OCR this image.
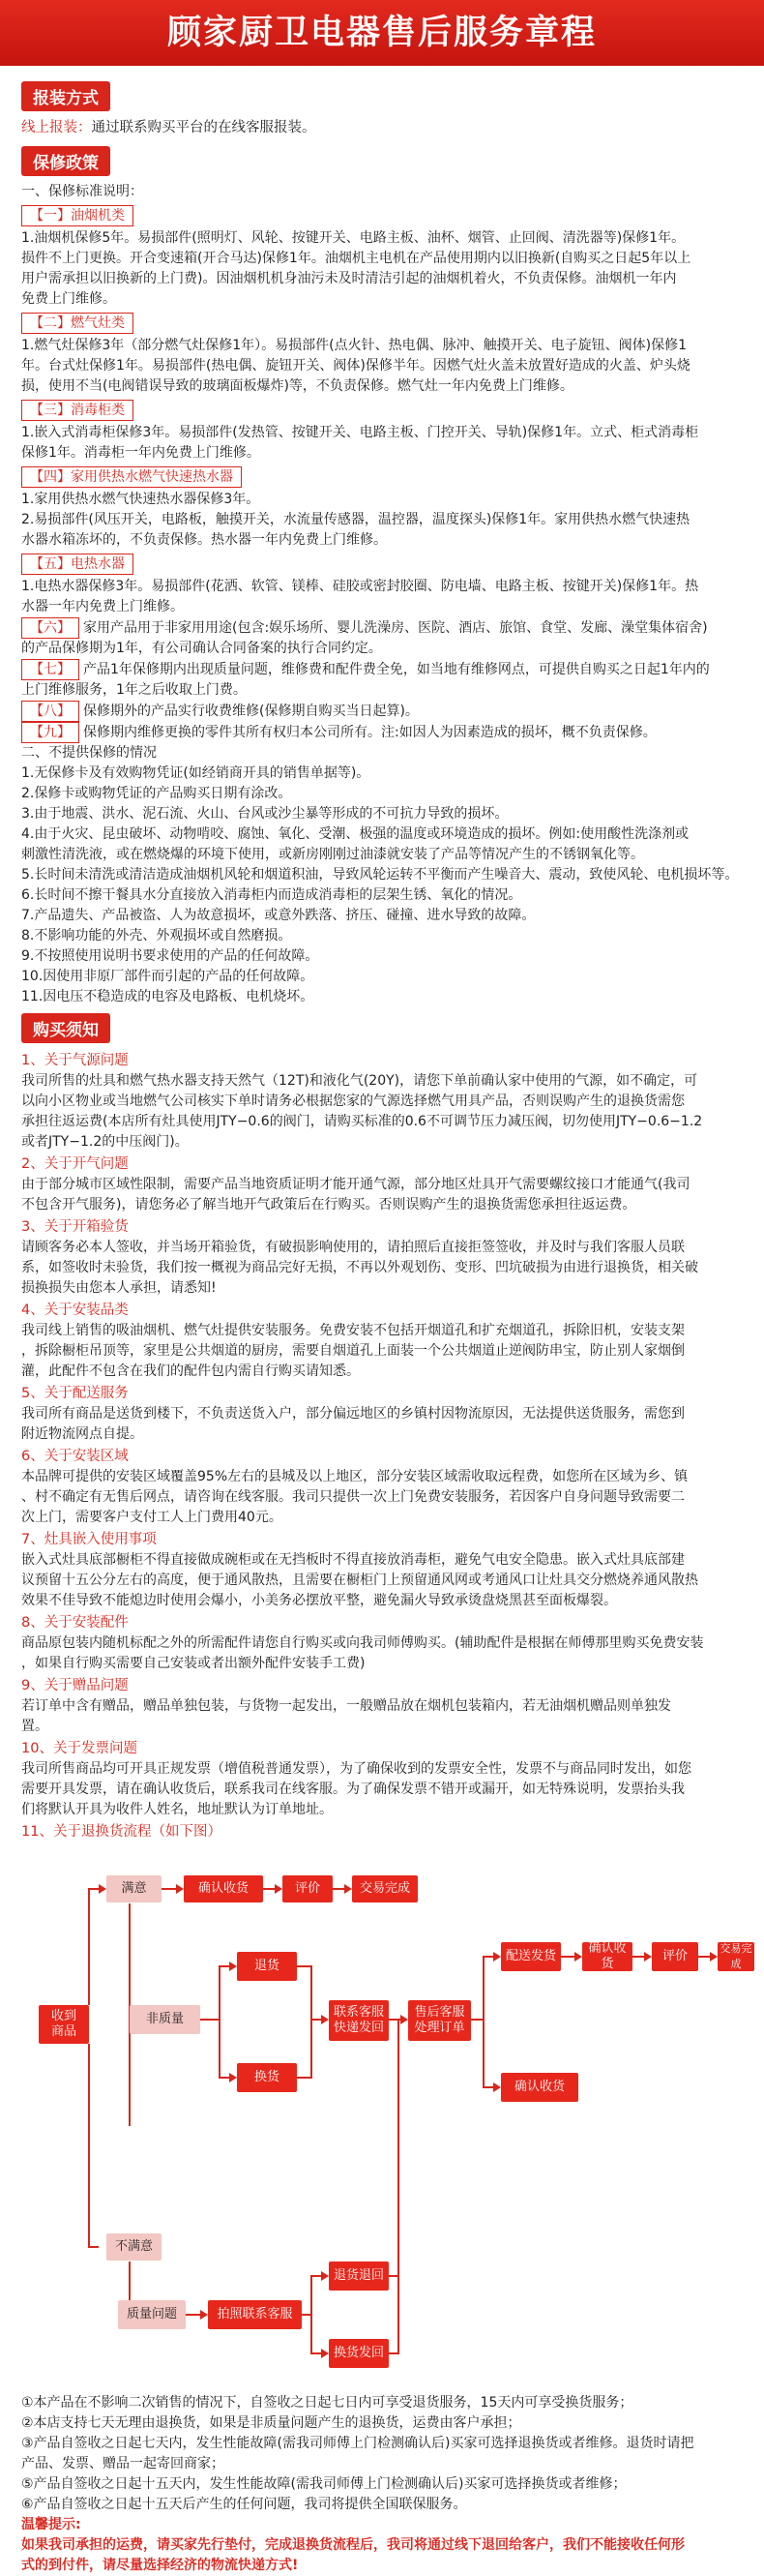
顾家厨卫电器售后服务章程
报装方式
线上报装：通过联系购买平台的在线客服报装。
保修政策
一、保修标准说明：
【一】油烟机类
1.油烟机保修5年。易损部件(照明灯、风轮、按键开关、电路主板、油杯、烟管、止回阀、清洗器等)保修1年。
损件不上门更换。开合变速箱(开合马达)保修1年。油烟机主电机在产品使用期内以旧换新(自购买之日起5年以上
用户需承担以旧换新的上门费)。因油烟机机身油污未及时清洁引起的油烟机着火，不负责保修。油烟机一年内
免费上门维修。
【二】燃气灶类
1.燃气灶保修3年（部分燃气灶保修1年）。易损部件(点火针、热电偶、脉冲、触摸开关、电子旋钮、阀体)保修1
年。台式灶保修1年。易损部件(热电偶、旋钮开关、阀体)保修半年。因燃气灶火盖未放置好造成的火盖、炉头烧
损，使用不当(电阀错误导致的玻璃面板爆炸)等，不负责保修。燃气灶一年内免费上门维修。
【三】消毒柜类
1.嵌入式消毒柜保修3年。易损部件(发热管、按键开关、电路主板、门控开关、导轨)保修1年。立式、柜式消毒柜
保修1年。消毒柜一年内免费上门维修。
【四】家用供热水燃气快速热水器
1.家用供热水燃气快速热水器保修3年。
2.易损部件(风压开关，电路板，触摸开关，水流量传感器，温控器，温度探头)保修1年。家用供热水燃气快速热
水器水箱冻坏的，不负责保修。热水器一年内免费上门维修。
【五】电热水器
1.电热水器保修3年。易损部件(花洒、软管、镁棒、硅胶或密封胶圈、防电墙、电路主板、按键开关)保修1年。热
水器一年内免费上门维修。
【六】 家用产品用于非家用用途(包含:娱乐场所、婴儿洗澡房、医院、酒店、旅馆、食堂、发廊、澡堂集体宿舍)
的产品保修期为1年，有公司确认合同备案的执行合同约定。
【七】 产品1年保修期内出现质量问题，维修费和配件费全免，如当地有维修网点，可提供自购买之日起1年内的
上门维修服务，1年之后收取上门费。
【八】 保修期外的产品实行收费维修(保修期自购买当日起算)。
【九】 保修期内维修更换的零件其所有权归本公司所有。注:如因人为因素造成的损坏，概不负责保修。
二、不提供保修的情况
1.无保修卡及有效购物凭证(如经销商开具的销售单据等)。
2.保修卡或购物凭证的产品购买日期有涂改。
3.由于地震、洪水、泥石流、火山、台风或沙尘暴等形成的不可抗力导致的损坏。
4.由于火灾、昆虫破坏、动物啃咬、腐蚀、氧化、受潮、极强的温度或环境造成的损坏。例如:使用酸性洗涤剂或
刺激性清洗液，或在燃烧爆的环境下使用，或新房刚刚过油漆就安装了产品等情况产生的不锈钢氧化等。
5.长时间未清洗或清洁造成油烟机风轮和烟道积油，导致风轮运转不平衡而产生噪音大、震动，致使风轮、电机损坏等。
6.长时间不擦干餐具水分直接放入消毒柜内而造成消毒柜的层架生锈、氧化的情况。
7.产品遗失、产品被盗、人为故意损坏，或意外跌落、挤压、碰撞、进水导致的故障。
8.不影响功能的外壳、外观损坏或自然磨损。
9.不按照使用说明书要求使用的产品的任何故障。
10.因使用非原厂部件而引起的产品的任何故障。
11.因电压不稳造成的电容及电路板、电机烧坏。
购买须知
1、关于气源问题
我司所售的灶具和燃气热水器支持天然气（12T)和液化气(20Y)，请您下单前确认家中使用的气源，如不确定，可
以向小区物业或当地燃气公司核实下单时请务必根据您家的气源选择燃气用具产品，否则误购产生的退换货需您
承担往返运费(本店所有灶具使用JTY−0.6的阀门，请购买标准的0.6不可调节压力减压阀，切勿使用JTY−0.6−1.2
或者JTY−1.2的中压阀门)。
2、关于开气问题
由于部分城市区域性限制，需要产品当地资质证明才能开通气源，部分地区灶具开气需要螺纹接口才能通气(我司
不包含开气服务)，请您务必了解当地开气政策后在行购买。否则误购产生的退换货需您承担往返运费。
3、关于开箱验货
请顾客务必本人签收，并当场开箱验货，有破损影响使用的，请拍照后直接拒签签收，并及时与我们客服人员联
系，如签收时未验货，我们按一概视为商品完好无损，不再以外观划伤、变形、凹坑破损为由进行退换货，相关破
损换损失由您本人承担，请悉知!
4、关于安装品类
我司线上销售的吸油烟机、燃气灶提供安装服务。免费安装不包括开烟道孔和扩充烟道孔，拆除旧机，安装支架
，拆除橱柜吊顶等，家里是公共烟道的厨房，需要自烟道孔上面装一个公共烟道止逆阀防串宝，防止别人家烟倒
灌，此配件不包含在我们的配件包内需自行购买请知悉。
5、关于配送服务
我司所有商品是送货到楼下，不负责送货入户，部分偏远地区的乡镇村因物流原因，无法提供送货服务，需您到
附近物流网点自提。
6、关于安装区域
本品牌可提供的安装区域覆盖95%左右的县城及以上地区，部分安装区域需收取远程费，如您所在区域为乡、镇
、村不确定有无售后网点，请咨询在线客服。我司只提供一次上门免费安装服务，若因客户自身问题导致需要二
次上门，需要客户支付工人上门费用40元。
7、灶具嵌入使用事项
嵌入式灶具底部橱柜不得直接做成碗柜或在无挡板时不得直接放消毒柜，避免气电安全隐患。嵌入式灶具底部建
议预留十五公分左右的高度，便于通风散热，且需要在橱柜门上预留通风网或考通风口让灶具交分燃烧养通风散热
效果不佳导致不能熄边时使用会爆小，小美务必摆放平整，避免漏火导致承烫盘烧黑甚至面板爆裂。
8、关于安装配件
商品原包装内随机标配之外的所需配件请您自行购买或向我司师傅购买。(辅助配件是根据在师傅那里购买免费安装
，如果自行购买需要自己安装或者出额外配件安装手工费)
9、关于赠品问题
若订单中含有赠品，赠品单独包装，与货物一起发出，一般赠品放在烟机包装箱内，若无油烟机赠品则单独发
置。
10、关于发票问题
我司所售商品均可开具正规发票（增值税普通发票），为了确保收到的发票安全性，发票不与商品同时发出，如您
需要开具发票，请在确认收货后，联系我司在线客服。为了确保发票不错开或漏开，如无特殊说明，发票抬头我
们将默认开具为收件人姓名，地址默认为订单地址。
11、关于退换货流程（如下图）
收到
商品
满意	确认收货	评价	交易完成
非质量
退货
换货
联系客服
快递发回
售后客服
处理订单
配送发货
确认收货
评价
交易完成
确认收货
不满意
质量问题	拍照联系客服
退货退回
换货发回
①本产品在不影响二次销售的情况下，自签收之日起七日内可享受退货服务，15天内可享受换货服务；
②本店支持七天无理由退换货，如果是非质量问题产生的退换货，运费由客户承担；
③产品自签收之日起七天内，发生性能故障(需我司师傅上门检测确认后)买家可选择退换货或者维修。退货时请把
产品、发票、赠品一起寄回商家；
⑤产品自签收之日起十五天内，发生性能故障(需我司师傅上门检测确认后)买家可选择换货或者维修；
⑥产品自签收之日起十五天后产生的任何问题，我司将提供全国联保服务。
温馨提示:
如果我司承担的运费，请买家先行垫付，完成退换货流程后，我司将通过线下退回给客户，我们不能接收任何形
式的到付件，请尽量选择经济的物流快递方式!
